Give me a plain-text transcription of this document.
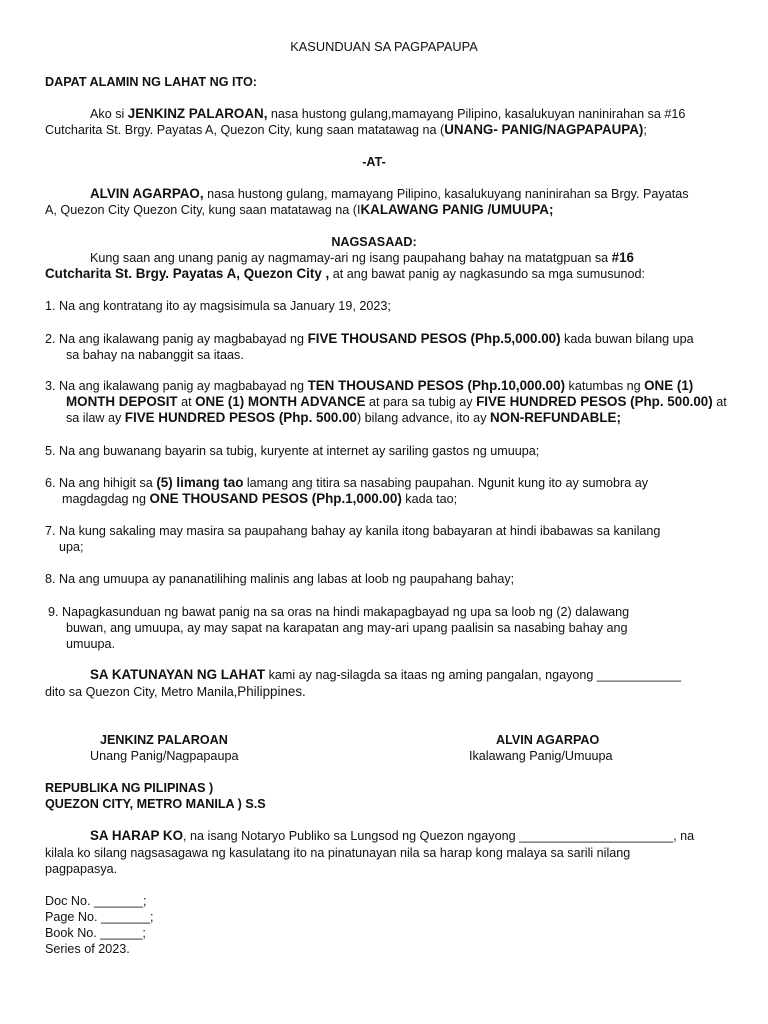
KASUNDUAN SA PAGPAPAUPA
DAPAT ALAMIN NG LAHAT NG ITO:
Ako si JENKINZ PALAROAN, nasa hustong gulang,mamayang Pilipino, kasalukuyan naninirahan sa #16
Cutcharita St. Brgy. Payatas A, Quezon City, kung saan matatawag na (UNANG- PANIG/NAGPAPAUPA);
-AT-
ALVIN AGARPAO, nasa hustong gulang, mamayang Pilipino, kasalukuyang naninirahan sa Brgy. Payatas
A, Quezon City Quezon City, kung saan matatawag na (IKALAWANG PANIG /UMUUPA;
NAGSASAAD:
Kung saan ang unang panig ay nagmamay-ari ng isang paupahang bahay na matatgpuan sa #16
Cutcharita St. Brgy. Payatas A, Quezon City , at ang bawat panig ay nagkasundo sa mga sumusunod:
1. Na ang kontratang ito ay magsisimula sa January 19, 2023;
2. Na ang ikalawang panig ay magbabayad ng FIVE THOUSAND PESOS (Php.5,000.00) kada buwan bilang upa
sa bahay na nabanggit sa itaas.
3. Na ang ikalawang panig ay magbabayad ng TEN THOUSAND PESOS (Php.10,000.00) katumbas ng ONE (1)
MONTH DEPOSIT at ONE (1) MONTH ADVANCE at para sa tubig ay FIVE HUNDRED PESOS (Php. 500.00) at
sa ilaw ay FIVE HUNDRED PESOS (Php. 500.00) bilang advance, ito ay NON-REFUNDABLE;
5. Na ang buwanang bayarin sa tubig, kuryente at internet ay sariling gastos ng umuupa;
6. Na ang hihigit sa (5) limang tao lamang ang titira sa nasabing paupahan. Ngunit kung ito ay sumobra ay
magdagdag ng ONE THOUSAND PESOS (Php.1,000.00) kada tao;
7. Na kung sakaling may masira sa paupahang bahay ay kanila itong babayaran at hindi ibabawas sa kanilang
upa;
8. Na ang umuupa ay pananatilihing malinis ang labas at loob ng paupahang bahay;
9. Napagkasunduan ng bawat panig na sa oras na hindi makapagbayad ng upa sa loob ng (2) dalawang
buwan, ang umuupa, ay may sapat na karapatan ang may-ari upang paalisin sa nasabing bahay ang
umuupa.
SA KATUNAYAN NG LAHAT kami ay nag-silagda sa itaas ng aming pangalan, ngayong ____________
dito sa Quezon City, Metro Manila,Philippines.
JENKINZ PALAROAN
Unang Panig/Nagpapaupa
ALVIN AGARPAO
Ikalawang Panig/Umuupa
REPUBLIKA NG PILIPINAS )
QUEZON CITY, METRO MANILA ) S.S
SA HARAP KO, na isang Notaryo Publiko sa Lungsod ng Quezon ngayong ______________________, na
kilala ko silang nagsasagawa ng kasulatang ito na pinatunayan nila sa harap kong malaya sa sarili nilang
pagpapasya.
Doc No. _______;
Page No. _______;
Book No. ______;
Series of 2023.
